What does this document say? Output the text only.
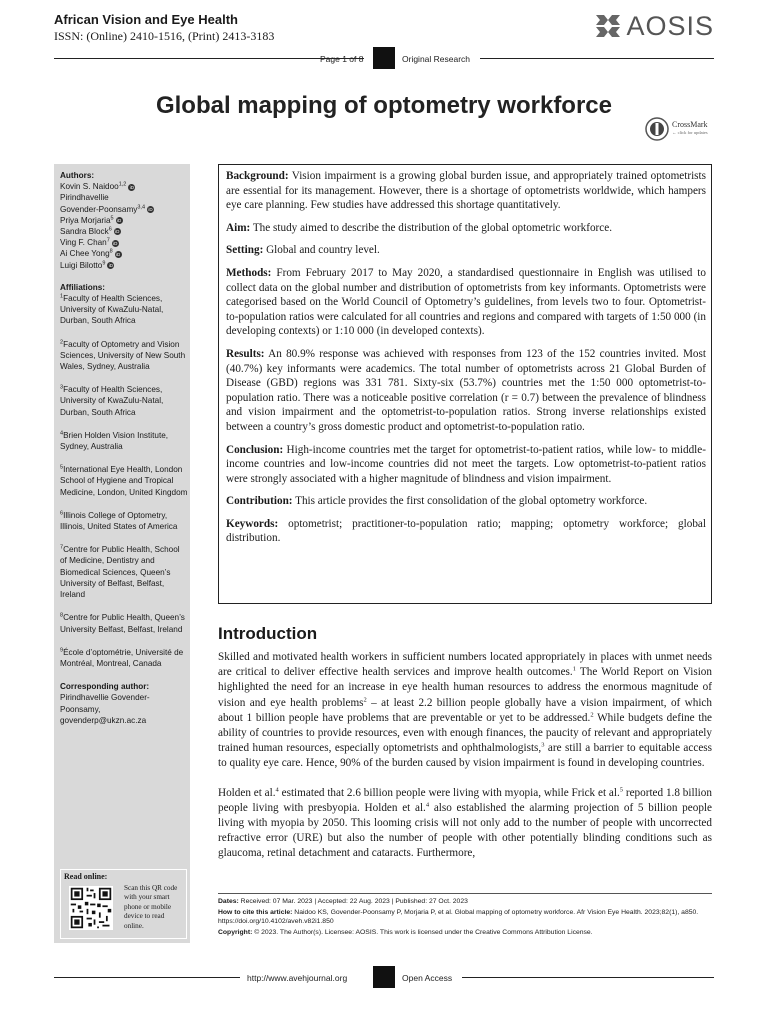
African Vision and Eye Health
ISSN: (Online) 2410-1516, (Print) 2413-3183	AOSIS
Page 1 of 8	Original Research
Global mapping of optometry workforce
CrossMark
← click for updates
Authors:
Kovin S. Naidoo$^{1,2}$ iD
Pirindhavellie
Govender-Poonsamy$^{3,4}$ iD
Priya Morjaria$^5$ iD
Sandra Block$^6$ iD
Ving F. Chan$^7$ iD
Ai Chee Yong$^8$ iD
Luigi Bilotto$^9$ iD
Affiliations:
$^1$Faculty of Health Sciences, University of KwaZulu-Natal, Durban, South Africa
$^2$Faculty of Optometry and Vision Sciences, University of New South Wales, Sydney, Australia
$^3$Faculty of Health Sciences, University of KwaZulu-Natal, Durban, South Africa
$^4$Brien Holden Vision Institute, Sydney, Australia
$^5$International Eye Health, London School of Hygiene and Tropical Medicine, London, United Kingdom
$^6$Illinois College of Optometry, Illinois, United States of America
$^7$Centre for Public Health, School of Medicine, Dentistry and Biomedical Sciences, Queen’s University of Belfast, Belfast, Ireland
$^8$Centre for Public Health, Queen’s University Belfast, Belfast, Ireland
$^9$École d’optométrie, Université de Montréal, Montreal, Canada
Corresponding author:
Pirindhavellie Govender-Poonsamy,
govenderp@ukzn.ac.za
Read online:
Scan this QR code with your smart phone or mobile device to read online.

Background: Vision impairment is a growing global burden issue, and appropriately trained optometrists are essential for its management. However, there is a shortage of optometrists worldwide, which hampers eye care planning. Few studies have addressed this shortage quantitatively.

Aim: The study aimed to describe the distribution of the global optometric workforce.

Setting: Global and country level.

Methods: From February 2017 to May 2020, a standardised questionnaire in English was utilised to collect data on the global number and distribution of optometrists from key informants. Optometrists were categorised based on the World Council of Optometry’s guidelines, from levels two to four. Optometrist-to-population ratios were calculated for all countries and regions and compared with targets of 1:50 000 (in developing contexts) or 1:10 000 (in developed contexts).

Results: An 80.9% response was achieved with responses from 123 of the 152 countries invited. Most (40.7%) key informants were academics. The total number of optometrists across 21 Global Burden of Disease (GBD) regions was 331 781. Sixty-six (53.7%) countries met the 1:50 000 optometrist-to-population ratio. There was a noticeable positive correlation (r = 0.7) between the prevalence of blindness and vision impairment and the optometrist-to-population ratios. Strong inverse relationships existed between a country’s gross domestic product and optometrist-to-population ratio.

Conclusion: High-income countries met the target for optometrist-to-patient ratios, while low- to middle-income countries and low-income countries did not meet the targets. Low optometrist-to-patient ratios were strongly associated with a higher magnitude of blindness and vision impairment.

Contribution: This article provides the first consolidation of the global optometry workforce.

Keywords: optometrist; practitioner-to-population ratio; mapping; optometry workforce; global distribution.

Introduction

Skilled and motivated health workers in sufficient numbers located appropriately in places with unmet needs are critical to deliver effective health services and improve health outcomes.$^1$ The World Report on Vision highlighted the need for an increase in eye health human resources to address the enormous magnitude of vision and eye health problems$^2$ – at least 2.2 billion people globally have a vision impairment, of which about 1 billion people have problems that are preventable or yet to be addressed.$^2$ While budgets define the ability of countries to provide resources, even with enough finances, the paucity of relevant and appropriately trained human resources, especially optometrists and ophthalmologists,$^3$ are still a barrier to equitable access to quality eye care. Hence, 90% of the burden caused by vision impairment is found in developing countries.

Holden et al.$^4$ estimated that 2.6 billion people were living with myopia, while Frick et al.$^5$ reported 1.8 billion people living with presbyopia. Holden et al.$^4$ also established the alarming projection of 5 billion people living with myopia by 2050. This looming crisis will not only add to the number of people with uncorrected refractive error (URE) but also the number of people with other potentially blinding conditions such as glaucoma, retinal detachment and cataracts. Furthermore,

Dates: Received: 07 Mar. 2023 | Accepted: 22 Aug. 2023 | Published: 27 Oct. 2023
How to cite this article: Naidoo KS, Govender-Poonsamy P, Morjaria P, et al. Global mapping of optometry workforce. Afr Vision Eye Health. 2023;82(1), a850. https://doi.org/10.4102/aveh.v82i1.850
Copyright: © 2023. The Author(s). Licensee: AOSIS. This work is licensed under the Creative Commons Attribution License.
http://www.avehjournal.org	Open Access
